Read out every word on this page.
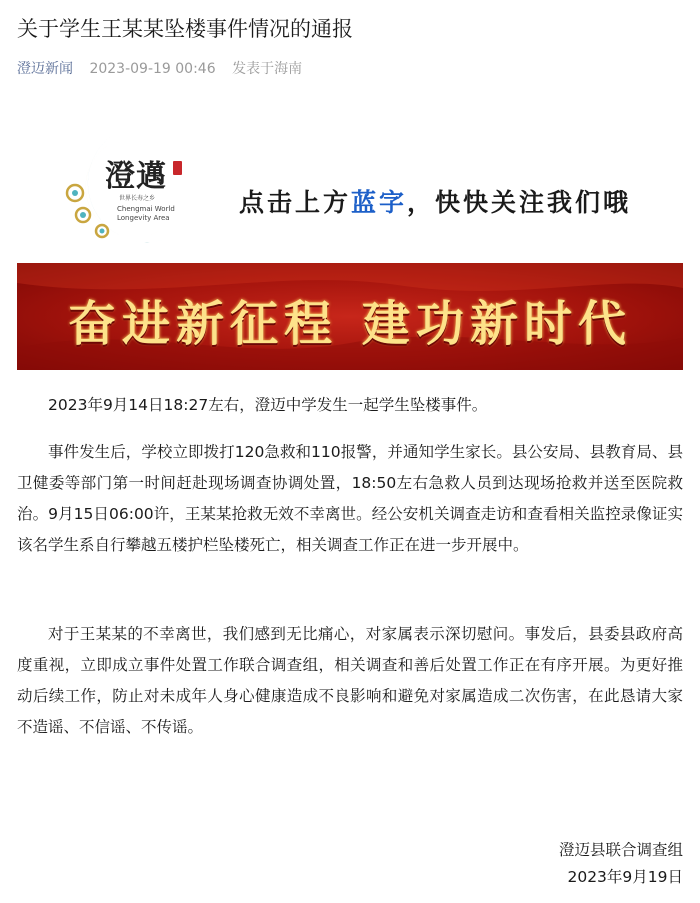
关于学生王某某坠楼事件情况的通报
澄迈新闻 2023-09-19 00:46 发表于海南
澄邁
世界长寿之乡
Chengmai World Longevity Area
点击上方蓝字，快快关注我们哦
奋进新征程 建功新时代

2023年9月14日18:27左右，澄迈中学发生一起学生坠楼事件。

事件发生后，学校立即拨打120急救和110报警，并通知学生家长。县公安局、县教育局、县卫健委等部门第一时间赶赴现场调查协调处置，18:50左右急救人员到达现场抢救并送至医院救治。9月15日06:00许，王某某抢救无效不幸离世。经公安机关调查走访和查看相关监控录像证实该名学生系自行攀越五楼护栏坠楼死亡，相关调查工作正在进一步开展中。

对于王某某的不幸离世，我们感到无比痛心，对家属表示深切慰问。事发后，县委县政府高度重视，立即成立事件处置工作联合调查组，相关调查和善后处置工作正在有序开展。为更好推动后续工作，防止对未成年人身心健康造成不良影响和避免对家属造成二次伤害，在此恳请大家不造谣、不信谣、不传谣。

澄迈县联合调查组
2023年9月19日
